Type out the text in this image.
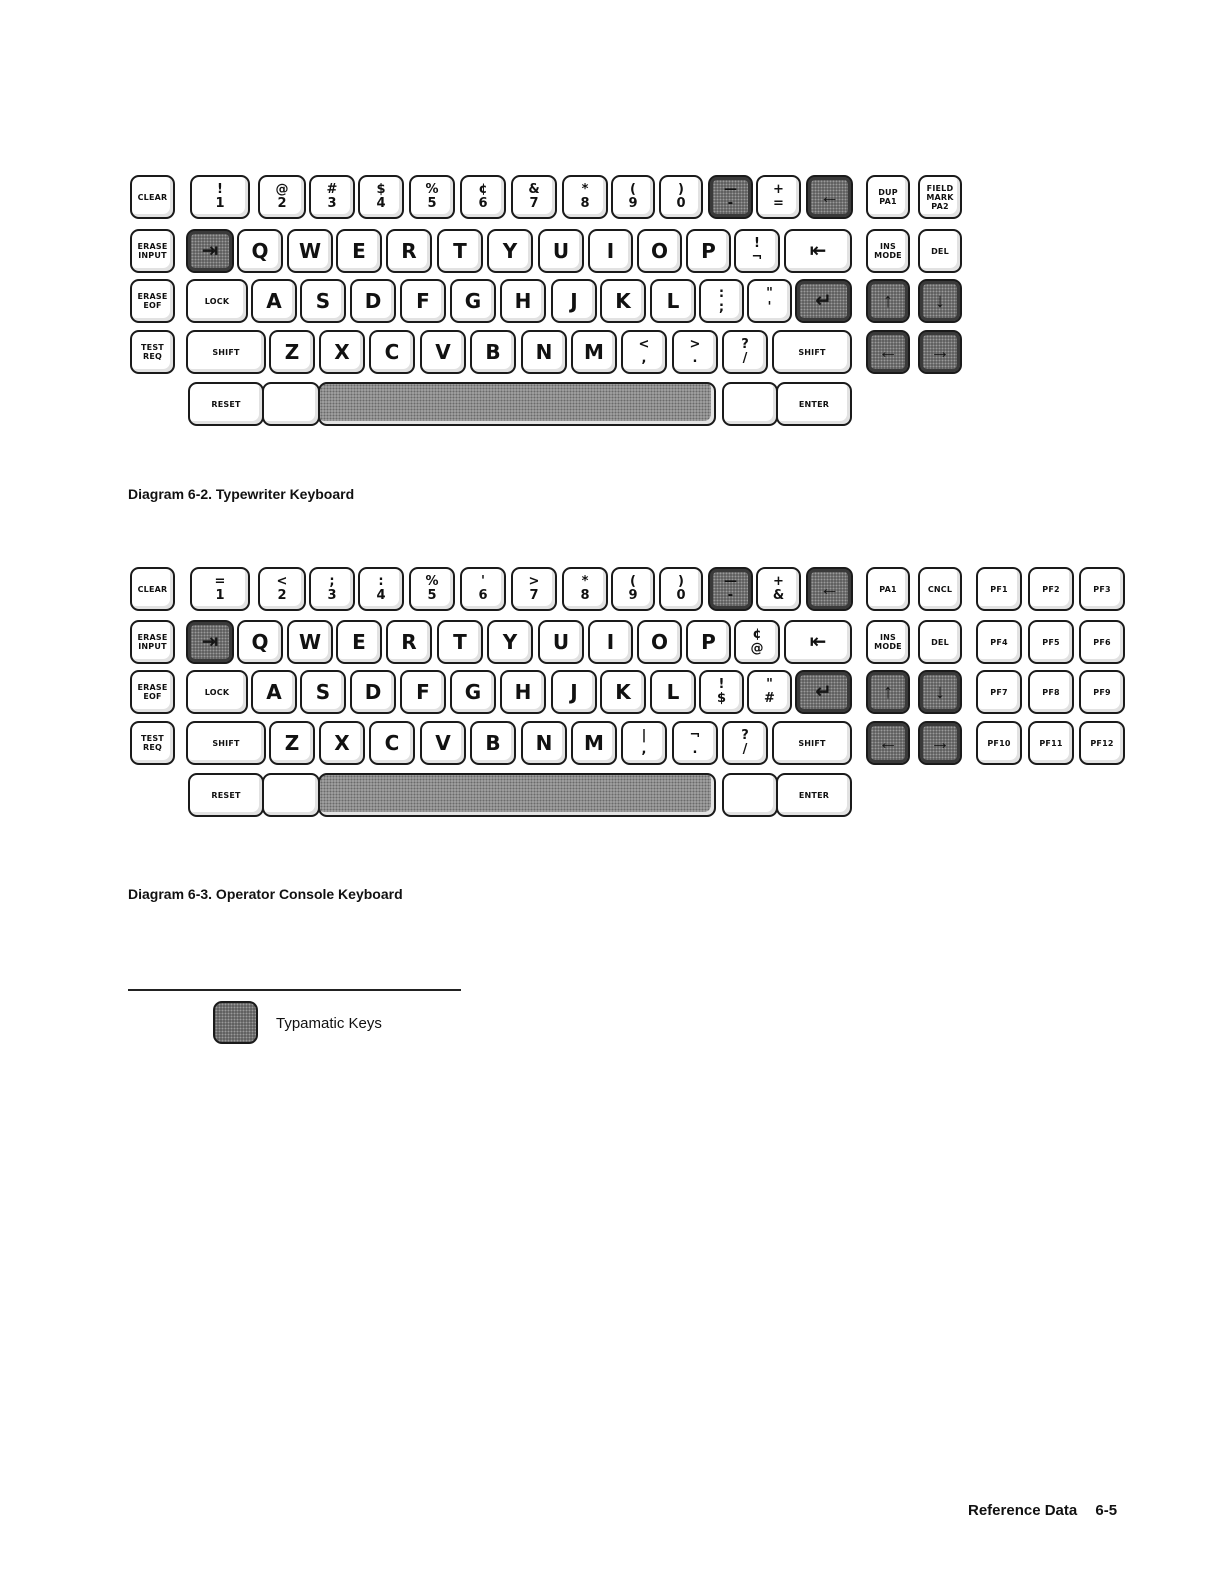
CLEAR	!
1
@
2
#
3
$
4
%
5
¢
6
&
7
*
8
(
9
)
0
—
-
+
= ←	DUP
PA1
FIELD
MARK
PA2
ERASE
INPUT ⇥ Q W E R T Y U I O P	!
¬ ⇤	INS
MODE	DEL
ERASE
EOF	LOCK A S D F G H J K L	:
;
"
' ↵	↑ ↓
TEST
REQ	SHIFT Z X C V B N M	<
,
>
.
?
/	SHIFT	← →
RESET	ENTER
CLEAR	=
1
<
2
;
3
:
4
%
5
'
6
>
7
*
8
(
9
)
0
—
-
+
& ←	PA1	CNCL	PF1	PF2	PF3
ERASE
INPUT ⇥ Q W E R T Y U I O P	¢
@ ⇤	INS
MODE	DEL	PF4	PF5	PF6
ERASE
EOF	LOCK A S D F G H J K L	!
$
"
# ↵	↑ ↓	PF7	PF8	PF9
TEST
REQ	SHIFT Z X C V B N M	|
,
¬
.
?
/	SHIFT	← →	PF10	PF11	PF12
RESET	ENTER
Diagram 6-2. Typewriter Keyboard
Diagram 6-3. Operator Console Keyboard
Typamatic Keys
Reference Data 6-5
